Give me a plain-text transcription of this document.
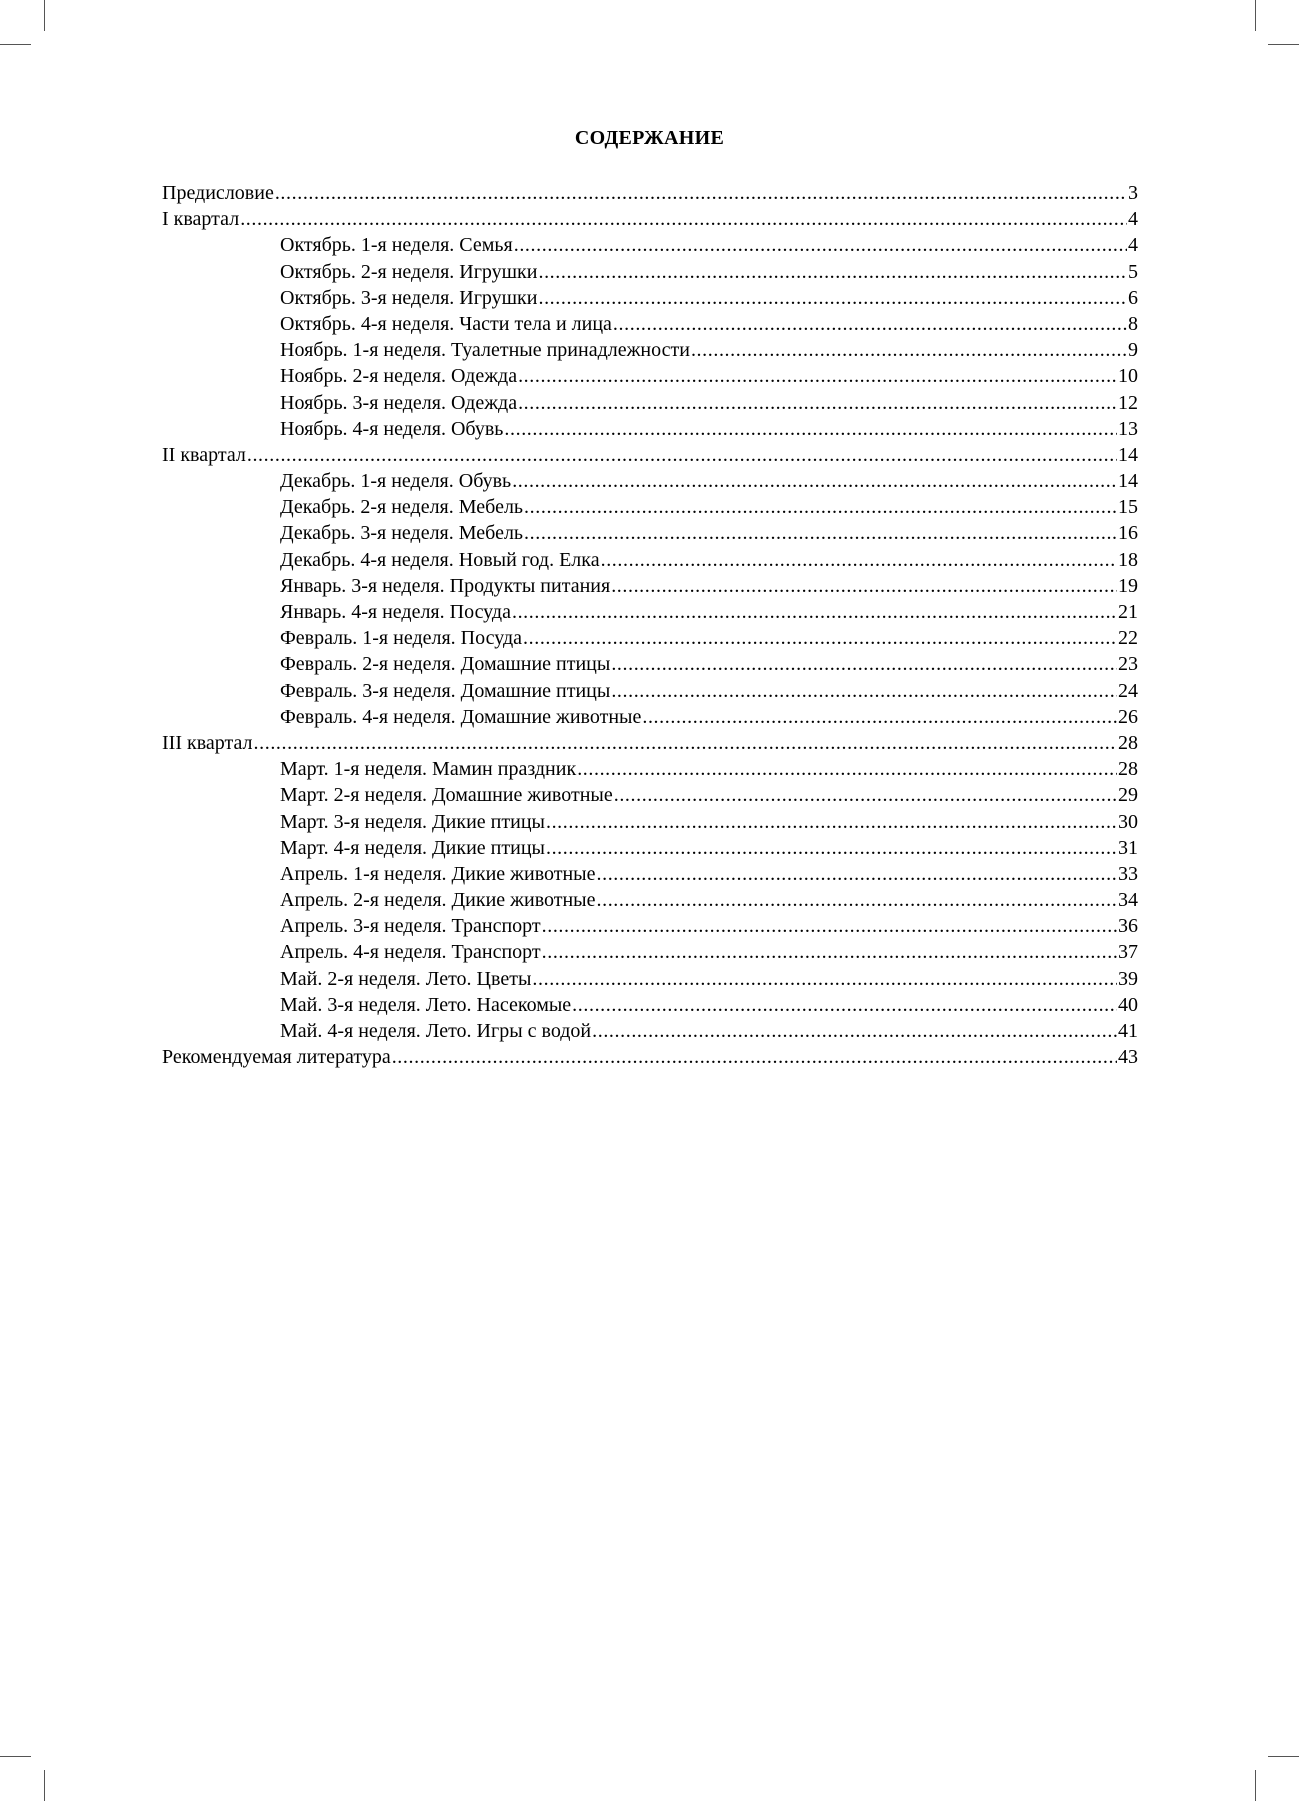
СОДЕРЖАНИЕ
Предисловие .....	3
I квартал .....	4
Октябрь. 1-я неделя. Семья .....	4
Октябрь. 2-я неделя. Игрушки .....	5
Октябрь. 3-я неделя. Игрушки .....	6
Октябрь. 4-я неделя. Части тела и лица .....	8
Ноябрь. 1-я неделя. Туалетные принадлежности .....	9
Ноябрь. 2-я неделя. Одежда .....	10
Ноябрь. 3-я неделя. Одежда .....	12
Ноябрь. 4-я неделя. Обувь .....	13
II квартал .....	14
Декабрь. 1-я неделя. Обувь .....	14
Декабрь. 2-я неделя. Мебель .....	15
Декабрь. 3-я неделя. Мебель .....	16
Декабрь. 4-я неделя. Новый год. Елка .....	18
Январь. 3-я неделя. Продукты питания .....	19
Январь. 4-я неделя. Посуда .....	21
Февраль. 1-я неделя. Посуда .....	22
Февраль. 2-я неделя. Домашние птицы .....	23
Февраль. 3-я неделя. Домашние птицы .....	24
Февраль. 4-я неделя. Домашние животные .....	26
III квартал .....	28
Март. 1-я неделя. Мамин праздник .....	28
Март. 2-я неделя. Домашние животные .....	29
Март. 3-я неделя. Дикие птицы .....	30
Март. 4-я неделя. Дикие птицы .....	31
Апрель. 1-я неделя. Дикие животные .....	33
Апрель. 2-я неделя. Дикие животные .....	34
Апрель. 3-я неделя. Транспорт .....	36
Апрель. 4-я неделя. Транспорт .....	37
Май. 2-я неделя. Лето. Цветы .....	39
Май. 3-я неделя. Лето. Насекомые .....	40
Май. 4-я неделя. Лето. Игры с водой .....	41
Рекомендуемая литература .....	43
